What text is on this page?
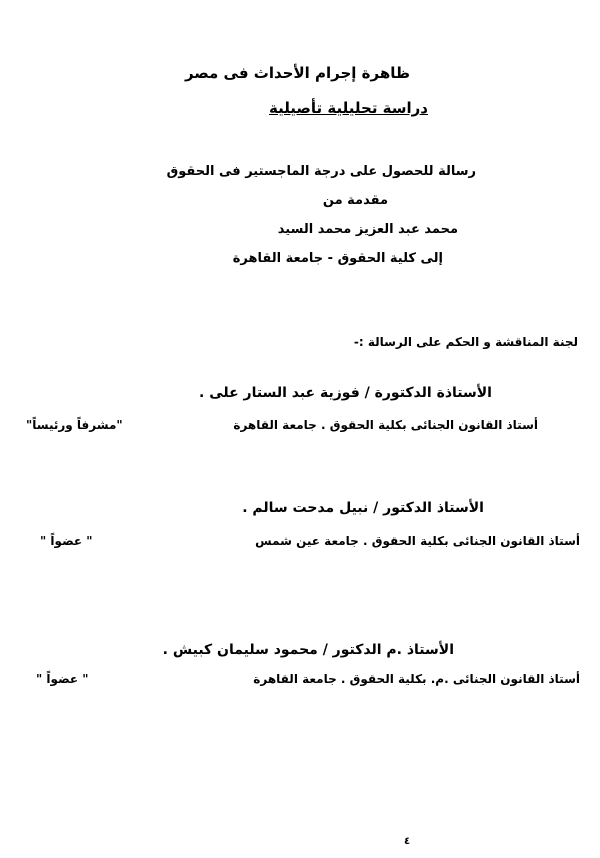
ظاهرة إجرام الأحداث فى مصر
دراسة تحليلية تأصيلية
رسالة للحصول على درجة الماجستير فى الحقوق
مقدمة من
محمد عبد العزيز محمد السيد
إلى كلية الحقوق - جامعة القاهرة
لجنة المناقشة و الحكم على الرسالة :-
الأستاذة الدكتورة / فوزية عبد الستار على .
أستاذ القانون الجنائى بكلية الحقوق . جامعة القاهرة
"مشرفاً ورئيساً"
الأستاذ الدكتور / نبيل مدحت سالم .
أستاذ القانون الجنائى بكلية الحقوق . جامعة عين شمس
" عضواً "
الأستاذ .م الدكتور / محمود سليمان كبيش .
أستاذ القانون الجنائى .م. بكلية الحقوق . جامعة القاهرة
" عضواً "
٤
